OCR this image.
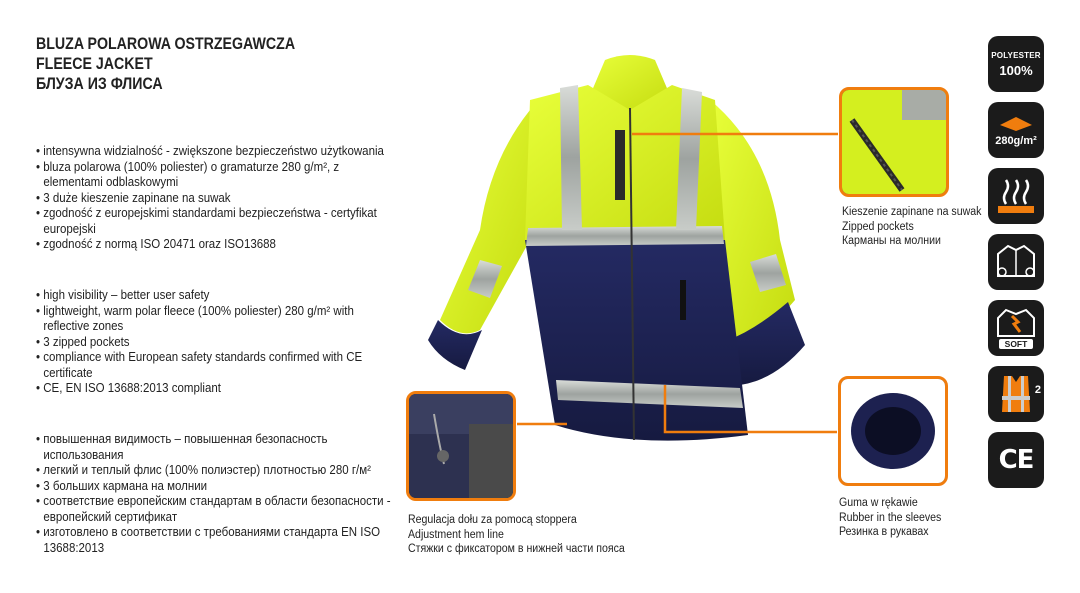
BLUZA POLAROWA OSTRZEGAWCZA
FLEECE JACKET
БЛУЗА ИЗ ФЛИСА
• intensywna widzialność - zwiększone bezpieczeństwo użytkowania
• bluza polarowa (100% poliester) o gramaturze 280 g/m², z elementami odblaskowymi
• 3 duże kieszenie zapinane na suwak
• zgodność z europejskimi standardami bezpieczeństwa - certyfikat europejski
• zgodność z normą ISO 20471 oraz ISO13688
• high visibility – better user safety
• lightweight, warm polar fleece (100% poliester) 280 g/m² with reflective zones
• 3 zipped pockets
• compliance with European safety standards confirmed with CE certificate
• CE, EN ISO 13688:2013 compliant
• повышенная видимость – повышенная безопасность использования
• легкий и теплый флис (100% полиэстер) плотностью 280 г/м²
• 3 больших кармана на молнии
• соответствие европейским стандартам в области безопасности - европейский сертификат
• изготовлено в соответствии с требованиями стандарта EN ISO 13688:2013
Kieszenie zapinane na suwak
Zipped pockets
Карманы на молнии
Regulacja dołu za pomocą stoppera
Adjustment hem line
Стяжки с фиксатором в нижней части пояса
Guma w rękawie
Rubber in the sleeves
Резинка в рукавах
POLYESTER
100%
280g/m²
SOFT
2
CE
